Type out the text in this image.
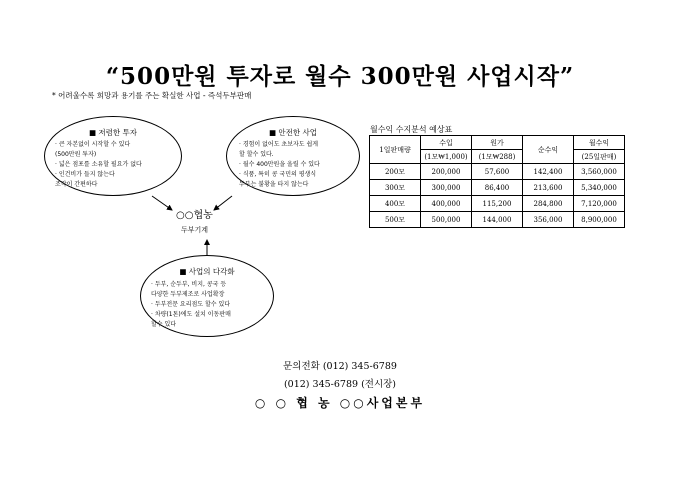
“500만원 투자로 월수 300만원 사업시작”
* 어려울수록 희망과 용기를 주는 확실한 사업 - 즉석두부판매
■ 저렴한 투자
· 큰 자본없이 시작할 수 있다
(500만원 투자)
· 넓은 점포를 소유할 필요가 없다
· 인건비가 들지 않는다
조작이 간편하다
■ 안전한 사업
· 경험이 없어도 초보자도 쉽게
할 할수 있다.
· 월수 400만원을 올릴 수 있다
· 식품, 특히 콩 국민의 평생식
두부는 불황을 타지 않는다
○○협농
두부기계
■ 사업의 다각화
· 두부, 순두부, 비지, 콩국 등
다양한 두부제조로 사업확장
· 두부전문 요리점도 할수 있다
· 차량(1톤)에도 설치 이동판매
할수 있다
월수익 수지분석 예상표
1일판매량	수입	원가	순수익	월수익
	(1모₩1,000)	(1모₩288)		(25일판매)
200모	200,000	57,600	142,400	3,560,000
300모	300,000	86,400	213,600	5,340,000
400모	400,000	115,200	284,800	7,120,000
500모	500,000	144,000	356,000	8,900,000
문의전화 (012) 345-6789
(012) 345-6789 (전시장)
○ ○ 협 농 ○○사업본부
